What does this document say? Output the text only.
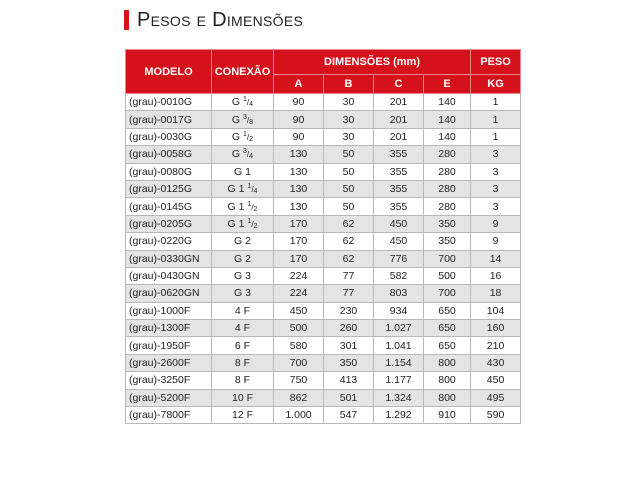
Pesos e Dimensões
MODELO	CONEXÃO	DIMENSÕES (mm)				PESO
		A	B	C	E	KG
(grau)-0010G	G $^1/_4$	90	30	201	140	1
(grau)-0017G	G $^3/_8$	90	30	201	140	1
(grau)-0030G	G $^1/_2$	90	30	201	140	1
(grau)-0058G	G $^3/_4$	130	50	355	280	3
(grau)-0080G	G 1	130	50	355	280	3
(grau)-0125G	G 1 $^1/_4$	130	50	355	280	3
(grau)-0145G	G 1 $^1/_2$	130	50	355	280	3
(grau)-0205G	G 1 $^1/_2$	170	62	450	350	9
(grau)-0220G	G 2	170	62	450	350	9
(grau)-0330GN	G 2	170	62	776	700	14
(grau)-0430GN	G 3	224	77	582	500	16
(grau)-0620GN	G 3	224	77	803	700	18
(grau)-1000F	4 F	450	230	934	650	104
(grau)-1300F	4 F	500	260	1.027	650	160
(grau)-1950F	6 F	580	301	1.041	650	210
(grau)-2600F	8 F	700	350	1.154	800	430
(grau)-3250F	8 F	750	413	1.177	800	450
(grau)-5200F	10 F	862	501	1.324	800	495
(grau)-7800F	12 F	1.000	547	1.292	910	590
